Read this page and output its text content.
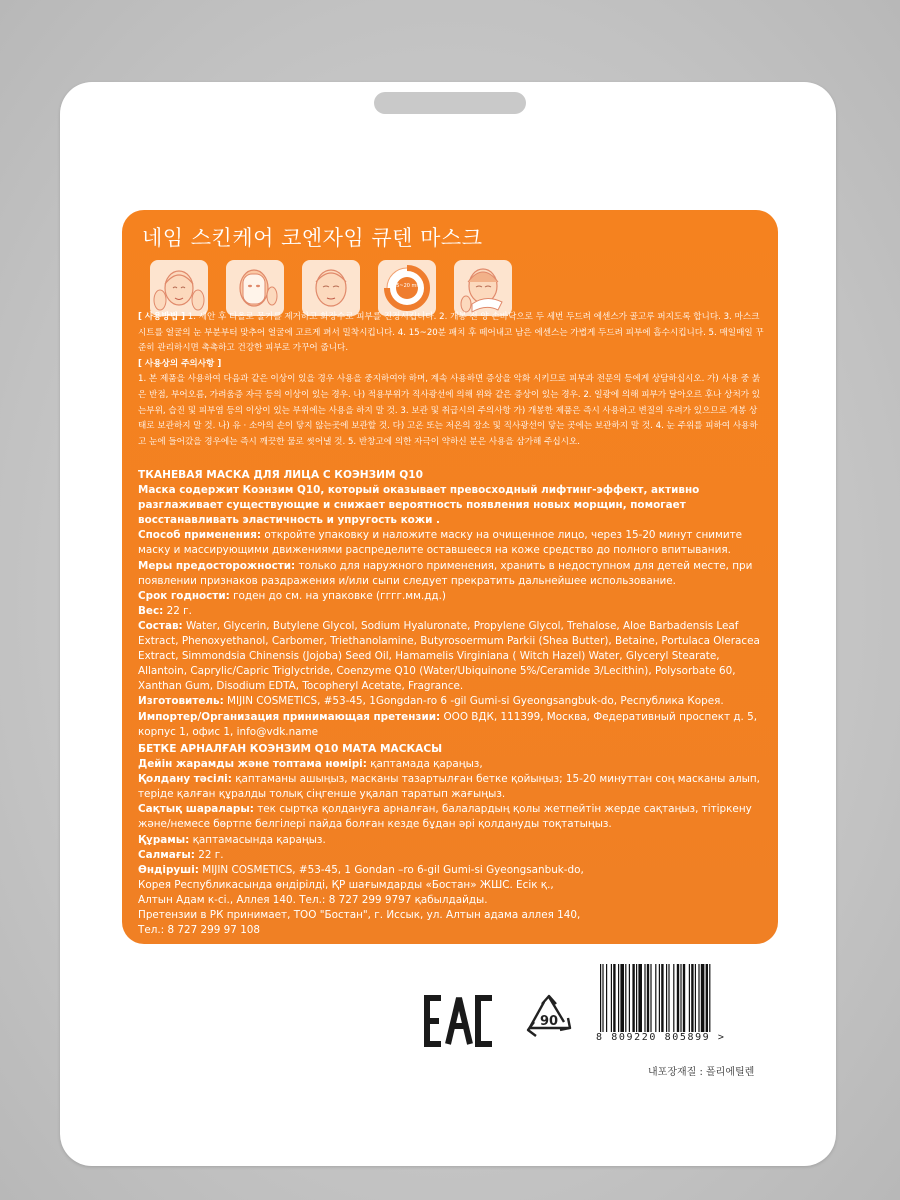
네임 스킨케어 코엔자임 큐텐 마스크
15~20 min
[ 사용방법 ] 1. 세안 후 타올로 물기를 제거하고 화장수로 피부를 진정시킵니다. 2. 개봉 전 양 손바닥으로 두 세번 두드려 에센스가 골고루 퍼지도록 합니다. 3. 마스크 시트를 얼굴의 눈 부분부터 맞추어 얼굴에 고르게 펴서 밀착시킵니다. 4. 15~20분 패치 후 떼어내고 남은 에센스는 가볍게 두드려 피부에 흡수시킵니다. 5. 매일매일 꾸준히 관리하시면 촉촉하고 건강한 피부로 가꾸어 줍니다.
[ 사용상의 주의사항 ]
1. 본 제품을 사용하여 다음과 같은 이상이 있을 경우 사용을 중지하여야 하며, 계속 사용하면 증상을 악화 시키므로 피부과 전문의 등에게 상담하십시오. 가) 사용 중 붉은 반점, 부어오름, 가려움증 자극 등의 이상이 있는 경우. 나) 적용부위가 직사광선에 의해 위와 같은 증상이 있는 경우. 2. 일광에 의해 피부가 달아오르 후나 상처가 있는부위, 습진 및 피부염 등의 이상이 있는 부위에는 사용을 하지 말 것. 3. 보관 및 취급시의 주의사항 가) 개봉한 제품은 즉시 사용하고 변질의 우려가 있으므로 개봉 상태로 보관하지 말 것. 나) 유 · 소아의 손이 닿지 않는곳에 보관할 것. 다) 고온 또는 저온의 장소 및 직사광선이 닿는 곳에는 보관하지 말 것. 4. 눈 주위를 피하여 사용하고 눈에 들어갔을 경우에는 즉시 깨끗한 물로 씻어낼 것. 5. 반창고에 의한 자극이 약하신 분은 사용을 삼가해 주십시오.
ТКАНЕВАЯ МАСКА ДЛЯ ЛИЦА С КОЭНЗИМ Q10
Маска содержит Коэнзим Q10, который оказывает превосходный лифтинг-эффект, активно разглаживает существующие и снижает вероятность появления новых морщин, помогает восстанавливать эластичность и упругость кожи .
Способ применения: откройте упаковку и наложите маску на очищенное лицо, через 15-20 минут снимите маску и массирующими движениями распределите оставшееся на коже средство до полного впитывания.
Меры предосторожности: только для наружного применения, хранить в недоступном для детей месте, при появлении признаков раздражения и/или сыпи следует прекратить дальнейшее использование.
Срок годности: годен до см. на упаковке (гггг.мм.дд.)
Вес: 22 г.
Состав: Water, Glycerin, Butylene Glycol, Sodium Hyaluronate, Propylene Glycol, Trehalose, Aloe Barbadensis Leaf Extract, Phenoxyethanol, Carbomer, Triethanolamine, Butyrosoermum Parkii (Shea Butter), Betaine, Portulaca Oleracea Extract, Simmondsia Chinensis (Jojoba) Seed Oil, Hamamelis Virginiana ( Witch Hazel) Water, Glyceryl Stearate, Allantoin, Caprylic/Capric Triglyctride, Coenzyme Q10 (Water/Ubiquinone 5%/Ceramide 3/Lecithin), Polysorbate 60, Xanthan Gum, Disodium EDTA, Tocopheryl Acetate, Fragrance.
Изготовитель: MIJIN COSMETICS, #53-45, 1Gongdan-ro 6 -gil Gumi-si Gyeongsangbuk-do, Республика Корея.
Импортер/Организация принимающая претензии: ООО ВДК, 111399, Москва, Федеративный проспект д. 5, корпус 1, офис 1, info@vdk.name
БЕТКЕ АРНАЛҒАН КОЭНЗИМ Q10 МАТА МАСКАСЫ
Дейін жарамды және топтама нөмірі: қаптамада қараңыз,
Қолдану тәсілі: қаптаманы ашыңыз, масканы тазартылған бетке қойыңыз; 15-20 минуттан соң масканы алып, теріде қалған құралды толық сіңгенше уқалап таратып жағыңыз.
Сақтық шаралары: тек сыртқа қолдануға арналған, балалардың қолы жетпейтін жерде сақтаңыз, тітіркену және/немесе бөртпе белгілері пайда болған кезде бұдан әрі қолдануды тоқтатыңыз.
Құрамы: қаптамасында қараңыз.
Салмағы: 22 г.
Өндіруші: MIJIN COSMETICS, #53-45, 1 Gondan –ro 6-gil Gumi-si Gyeongsanbuk-do,
Корея Республикасында өндірілді, ҚР шағымдарды «Бостан» ЖШС. Есік қ.,
Алтын Адам к-сі., Аллея 140. Тел.: 8 727 299 9797 қабылдайды.
Претензии в РК принимает, ТОО "Бостан", г. Иссык, ул. Алтын адама аллея 140,
Тел.: 8 727 299 97 108
90
8 809220 805899 >
내포장재질 : 폴리에틸렌
